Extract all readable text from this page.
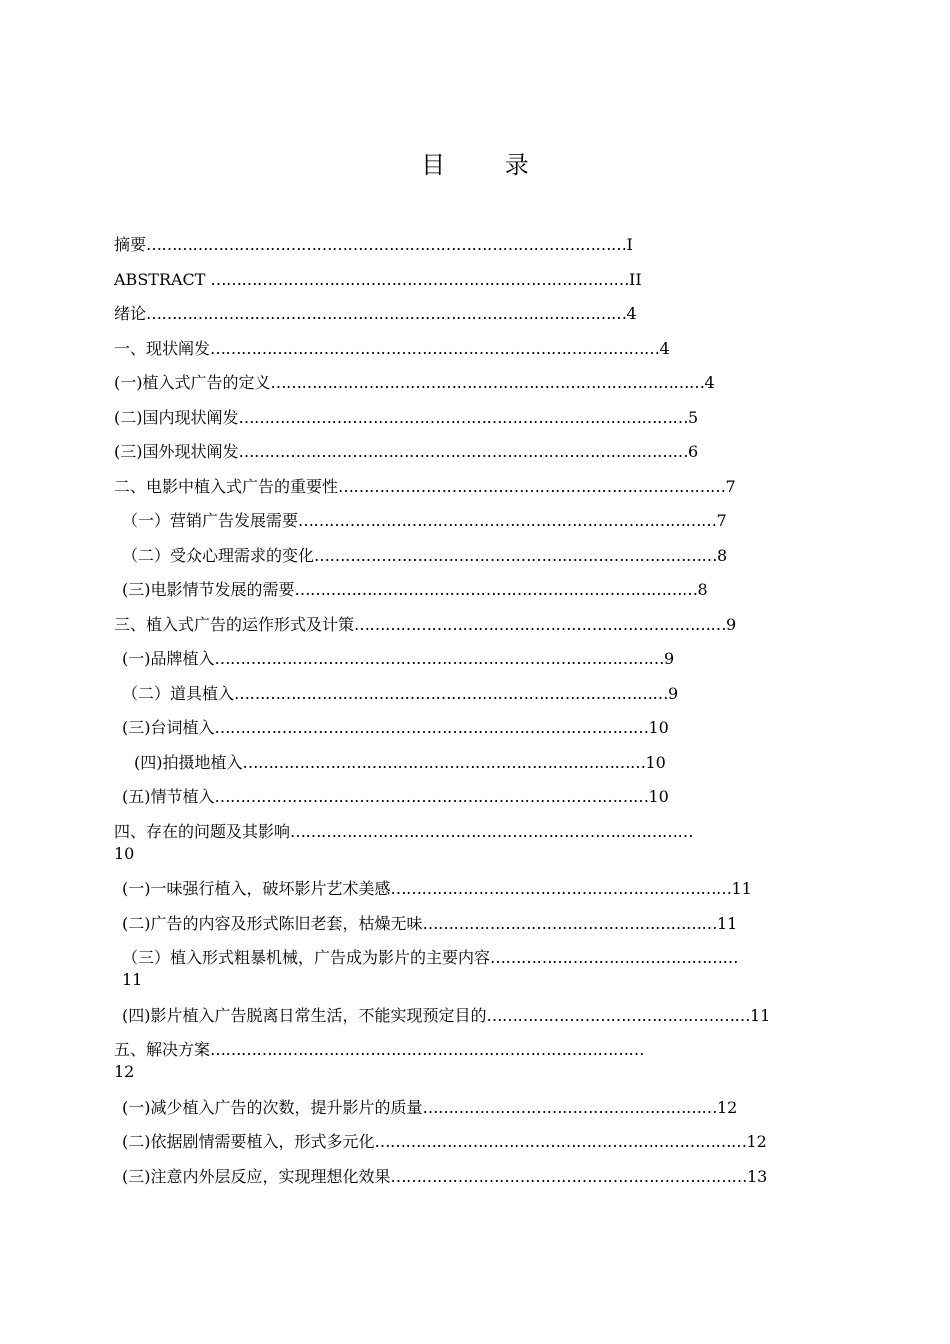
目 录
摘要…………………………………………………………………………………I
ABSTRACT ………………………………………………………………………II
绪论…………………………………………………………………………………4
一、现状阐发……………………………………………………………………………4
(一)植入式广告的定义…………………………………………………………………………4
(二)国内现状阐发……………………………………………………………………………5
(三)国外现状阐发……………………………………………………………………………6
二、电影中植入式广告的重要性…………………………………………………………………7
（一）营销广告发展需要………………………………………………………………………7
（二）受众心理需求的变化……………………………………………………………………8
(三)电影情节发展的需要……………………………………………………………………8
三、植入式广告的运作形式及计策………………………………………………………………9
(一)品牌植入……………………………………………………………………………9
（二）道具植入…………………………………………………………………………9
(三)台词植入…………………………………………………………………………10
(四)拍摄地植入……………………………………………………………………10
(五)情节植入…………………………………………………………………………10
四、存在的问题及其影响……………………………………………………………………
10
(一)一味强行植入，破坏影片艺术美感…………………………………………………………11
(二)广告的内容及形式陈旧老套，枯燥无味…………………………………………………11
（三）植入形式粗暴机械，广告成为影片的主要内容…………………………………………
11
(四)影片植入广告脱离日常生活，不能实现预定目的……………………………………………11
五、解决方案…………………………………………………………………………
12
(一)减少植入广告的次数，提升影片的质量…………………………………………………12
(二)依据剧情需要植入，形式多元化………………………………………………………………12
(三)注意内外层反应，实现理想化效果……………………………………………………………13
